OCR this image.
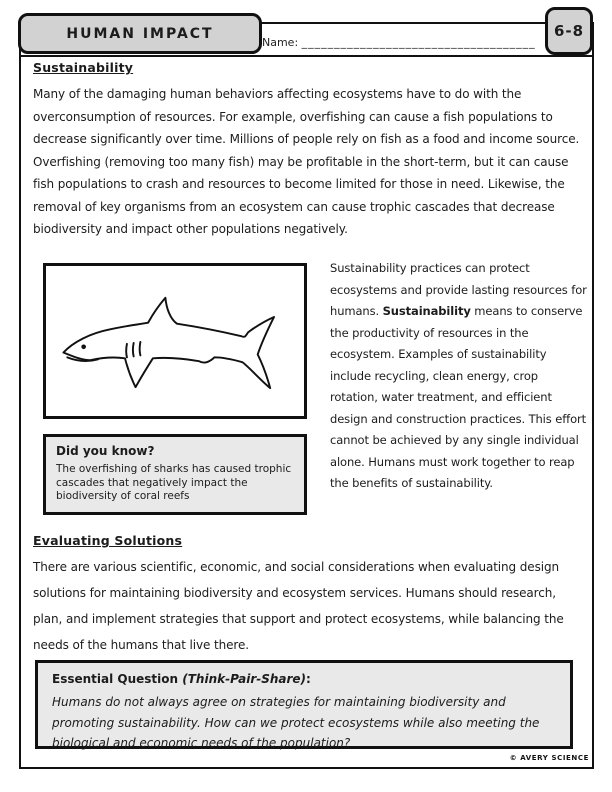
HUMAN IMPACT	6-8
Name: ____________________________________
Sustainability
Many of the damaging human behaviors affecting ecosystems have to do with the overconsumption of resources. For example, overfishing can cause a fish populations to decrease significantly over time. Millions of people rely on fish as a food and income source. Overfishing (removing too many fish) may be profitable in the short-term, but it can cause fish populations to crash and resources to become limited for those in need. Likewise, the removal of key organisms from an ecosystem can cause trophic cascades that decrease biodiversity and impact other populations negatively.
Sustainability practices can protect ecosystems and provide lasting resources for humans. Sustainability means to conserve the productivity of resources in the ecosystem. Examples of sustainability include recycling, clean energy, crop rotation, water treatment, and efficient design and construction practices. This effort cannot be achieved by any single individual alone. Humans must work together to reap the benefits of sustainability.

Did you know?

The overfishing of sharks has caused trophic cascades that negatively impact the biodiversity of coral reefs

Evaluating Solutions
There are various scientific, economic, and social considerations when evaluating design solutions for maintaining biodiversity and ecosystem services. Humans should research, plan, and implement strategies that support and protect ecosystems, while balancing the needs of the humans that live there.

Essential Question (Think-Pair-Share):

Humans do not always agree on strategies for maintaining biodiversity and promoting sustainability. How can we protect ecosystems while also meeting the biological and economic needs of the population?

© AVERY SCIENCE
